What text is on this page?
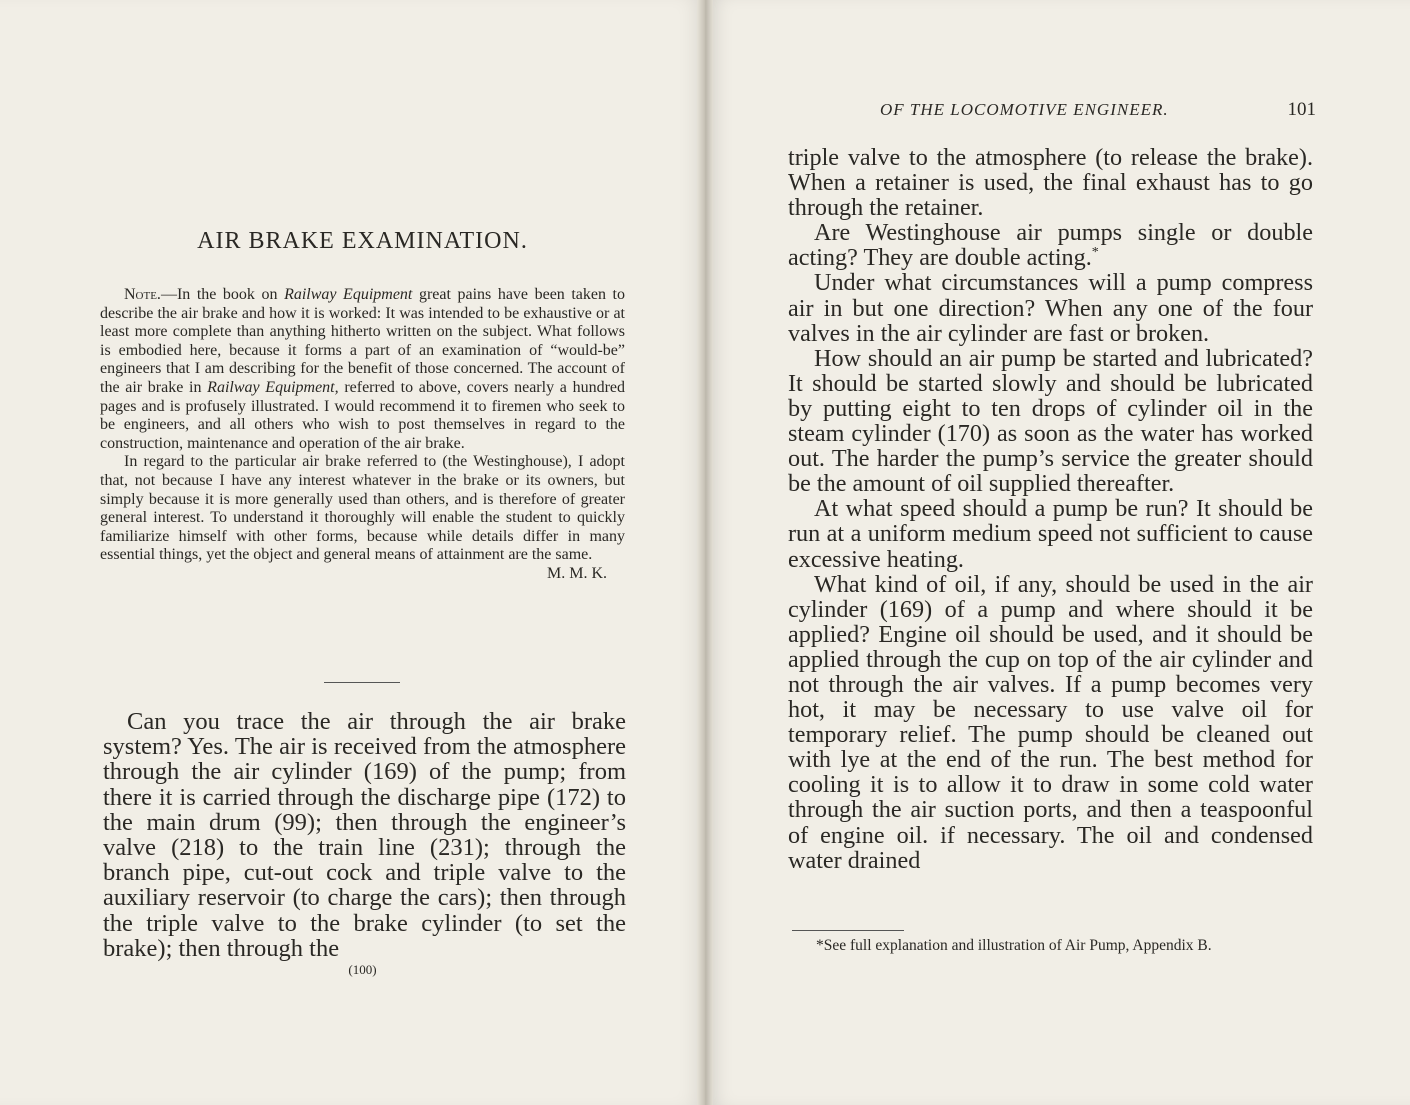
AIR BRAKE EXAMINATION.

Note.—In the book on Railway Equipment great pains have been taken to describe the air brake and how it is worked: It was intended to be exhaustive or at least more complete than anything hitherto written on the subject. What follows is embodied here, because it forms a part of an examination of “would-be” engineers that I am describing for the benefit of those concerned. The account of the air brake in Railway Equipment, referred to above, covers nearly a hundred pages and is profusely illustrated. I would recommend it to firemen who seek to be engineers, and all others who wish to post themselves in regard to the construction, maintenance and operation of the air brake.

In regard to the particular air brake referred to (the Westinghouse), I adopt that, not because I have any interest whatever in the brake or its owners, but simply because it is more generally used than others, and is therefore of greater general interest. To understand it thoroughly will enable the student to quickly familiarize himself with other forms, because while details differ in many essential things, yet the object and general means of attainment are the same.
M. M. K.

Can you trace the air through the air brake system? Yes. The air is received from the atmosphere through the air cylinder (169) of the pump; from there it is carried through the discharge pipe (172) to the main drum (99); then through the engineer’s valve (218) to the train line (231); through the branch pipe, cut-out cock and triple valve to the auxiliary reservoir (to charge the cars); then through the triple valve to the brake cylinder (to set the brake); then through the

(100)
OF THE LOCOMOTIVE ENGINEER.	101

triple valve to the atmosphere (to release the brake). When a retainer is used, the final exhaust has to go through the retainer.

Are Westinghouse air pumps single or double acting? They are double acting.*

Under what circumstances will a pump compress air in but one direction? When any one of the four valves in the air cylinder are fast or broken.

How should an air pump be started and lubricated? It should be started slowly and should be lubricated by putting eight to ten drops of cylinder oil in the steam cylinder (170) as soon as the water has worked out. The harder the pump’s service the greater should be the amount of oil supplied thereafter.

At what speed should a pump be run? It should be run at a uniform medium speed not sufficient to cause excessive heating.

What kind of oil, if any, should be used in the air cylinder (169) of a pump and where should it be applied? Engine oil should be used, and it should be applied through the cup on top of the air cylinder and not through the air valves. If a pump becomes very hot, it may be necessary to use valve oil for temporary relief. The pump should be cleaned out with lye at the end of the run. The best method for cooling it is to allow it to draw in some cold water through the air suction ports, and then a teaspoonful of engine oil. if necessary. The oil and condensed water drained

*See full explanation and illustration of Air Pump, Appendix B.
